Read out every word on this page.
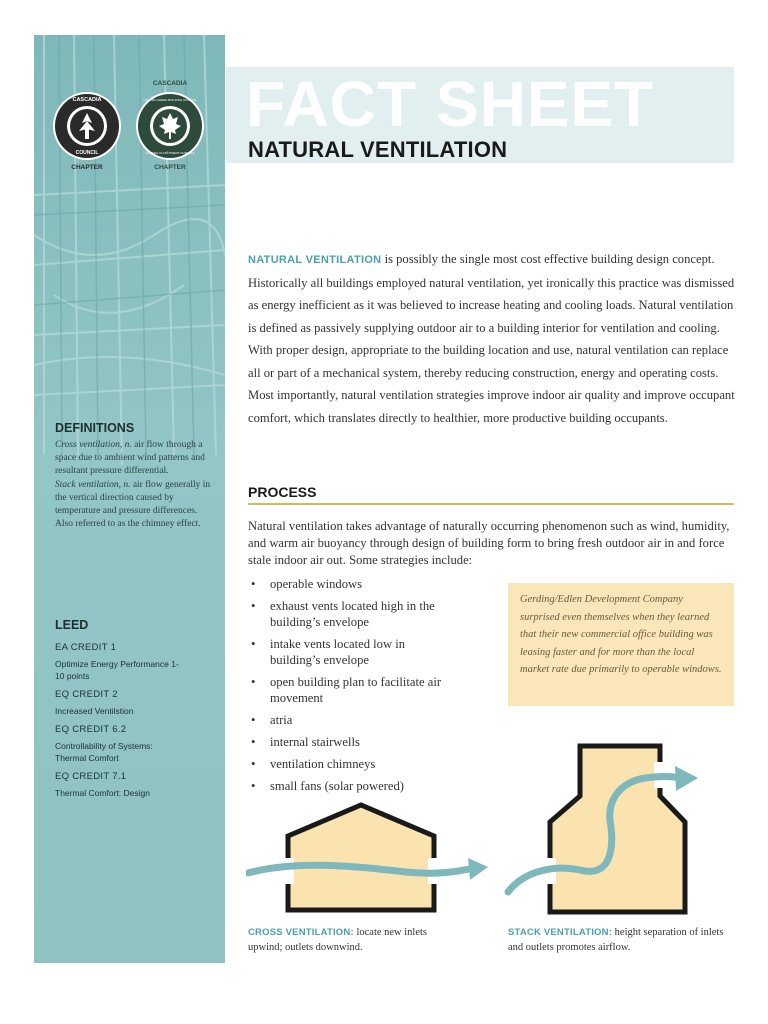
CASCADIA
COUNCIL
CASCADIA
CANADA GREEN BUILDING COUNCIL
CONSEIL DU BÂTIMENT DURABLE
CHAPTER
CHAPTER
DEFINITIONS

Cross ventilation, n. air flow through a space due to ambient wind patterns and resultant pressure differential.

Stack ventilation, n. air flow generally in the vertical direction caused by temperature and pressure differences. Also referred to as the chimney effect.

LEED
EA CREDIT 1
Optimize Energy Performance 1-10 points
EQ CREDIT 2
Increased Ventilstion
EQ CREDIT 6.2
Controllability of Systems: Thermal Comfort
EQ CREDIT 7.1
Thermal Comfort: Design
FACT SHEET
NATURAL VENTILATION
NATURAL VENTILATION is possibly the single most cost effective building design concept. Historically all buildings employed natural ventilation, yet ironically this practice was dismissed as energy inefficient as it was believed to increase heating and cooling loads. Natural ventilation is defined as passively supplying outdoor air to a building interior for ventilation and cooling. With proper design, appropriate to the building location and use, natural ventilation can replace all or part of a mechanical system, thereby reducing construction, energy and operating costs. Most importantly, natural ventilation strategies improve indoor air quality and improve occupant comfort, which translates directly to healthier, more productive building occupants.
PROCESS
Natural ventilation takes advantage of naturally occurring phenomenon such as wind, humidity, and warm air buoyancy through design of building form to bring fresh outdoor air in and force stale indoor air out. Some strategies include:
• operable windows
• exhaust vents located high in the building’s envelope
• intake vents located low in building’s envelope
• open building plan to facilitate air movement
• atria
• internal stairwells
• ventilation chimneys
• small fans (solar powered)

Gerding/Edlen Development Company surprised even themselves when they learned that their new commercial office building was leasing faster and for more than the local market rate due primarily to operable windows.

CROSS VENTILATION: locate new inlets upwind; outlets downwind.
STACK VENTILATION: height separation of inlets and outlets promotes airflow.
